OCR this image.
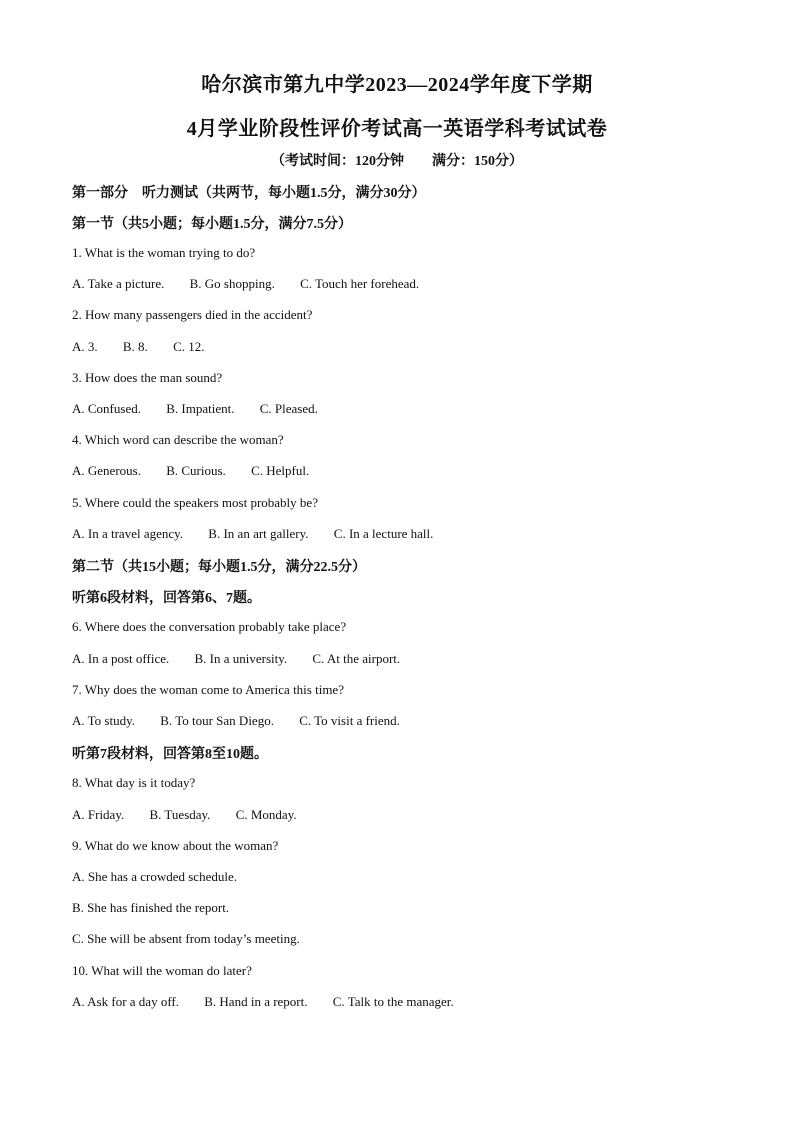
哈尔滨市第九中学2023—2024学年度下学期
4月学业阶段性评价考试高一英语学科考试试卷
（考试时间：120分钟　　满分：150分）
第一部分　听力测试（共两节，每小题1.5分，满分30分）
第一节（共5小题；每小题1.5分，满分7.5分）
1. What is the woman trying to do?
A. Take a picture. B. Go shopping. C. Touch her forehead.
2. How many passengers died in the accident?
A. 3. B. 8. C. 12.
3. How does the man sound?
A. Confused. B. Impatient. C. Pleased.
4. Which word can describe the woman?
A. Generous. B. Curious. C. Helpful.
5. Where could the speakers most probably be?
A. In a travel agency. B. In an art gallery. C. In a lecture hall.
第二节（共15小题；每小题1.5分，满分22.5分）
听第6段材料，回答第6、7题。
6. Where does the conversation probably take place?
A. In a post office. B. In a university. C. At the airport.
7. Why does the woman come to America this time?
A. To study. B. To tour San Diego. C. To visit a friend.
听第7段材料，回答第8至10题。
8. What day is it today?
A. Friday. B. Tuesday. C. Monday.
9. What do we know about the woman?
A. She has a crowded schedule.
B. She has finished the report.
C. She will be absent from today’s meeting.
10. What will the woman do later?
A. Ask for a day off. B. Hand in a report. C. Talk to the manager.
